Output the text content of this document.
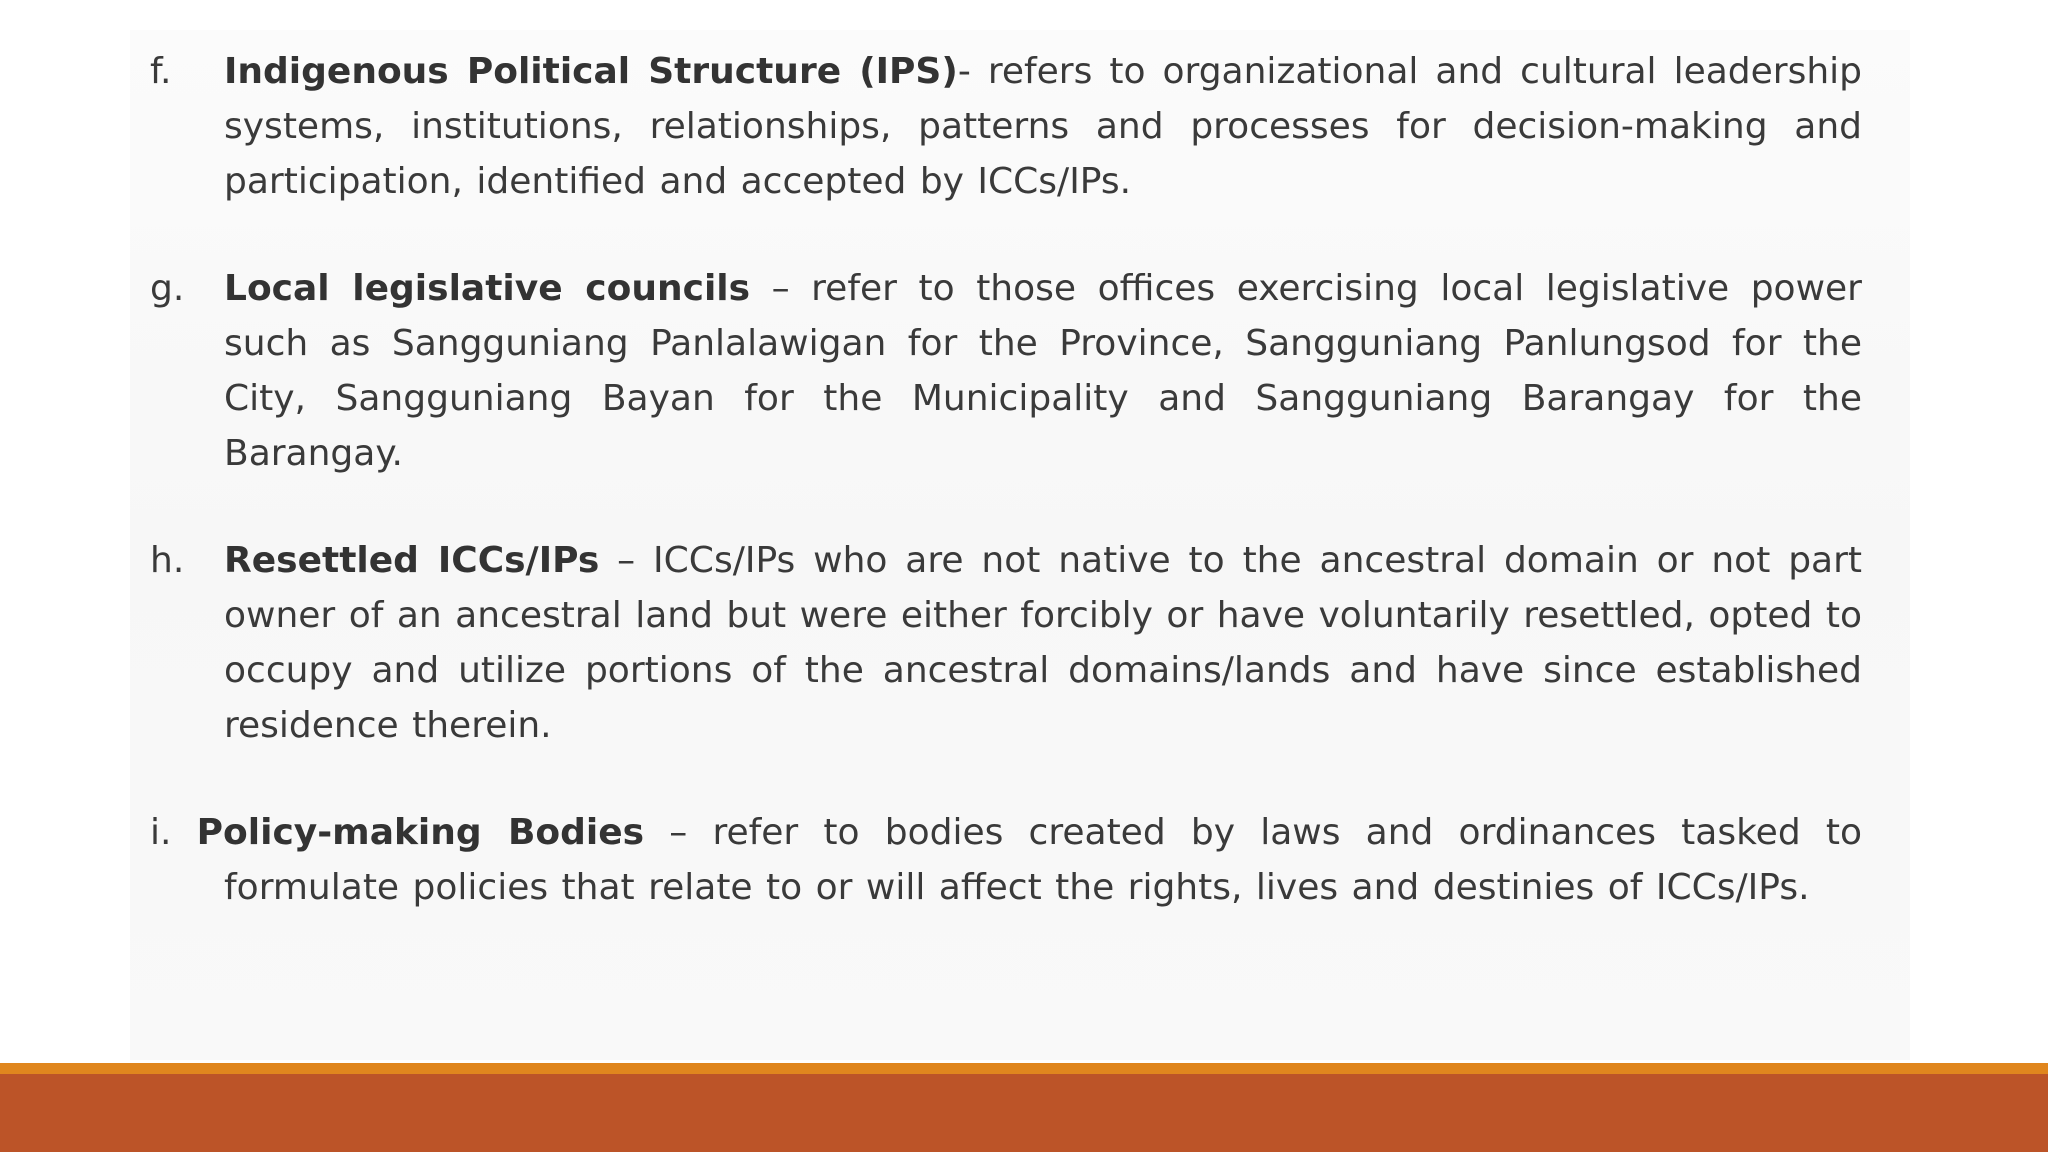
f.	Indigenous Political Structure (IPS)- refers to organizational and cultural leadership systems, institutions, relationships, patterns and processes for decision-making and participation, identified and accepted by ICCs/IPs.

g.	Local legislative councils – refer to those offices exercising local legislative power such as Sangguniang Panlalawigan for the Province, Sangguniang Panlungsod for the City, Sangguniang Bayan for the Municipality and Sangguniang Barangay for the Barangay.

h.	Resettled ICCs/IPs – ICCs/IPs who are not native to the ancestral domain or not part owner of an ancestral land but were either forcibly or have voluntarily resettled, opted to occupy and utilize portions of the ancestral domains/lands and have since established residence therein.

i. Policy-making Bodies – refer to bodies created by laws and ordinances tasked to formulate policies that relate to or will affect the rights, lives and destinies of ICCs/IPs.
